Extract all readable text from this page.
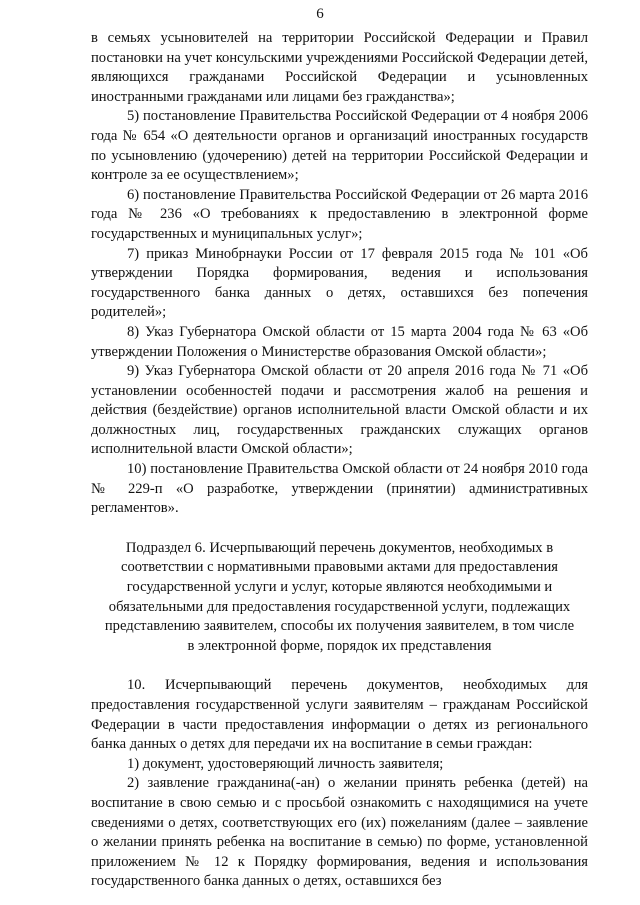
6

в семьях усыновителей на территории Российской Федерации и Правил постановки на учет консульскими учреждениями Российской Федерации детей, являющихся гражданами Российской Федерации и усыновленных иностранными гражданами или лицами без гражданства»;

5) постановление Правительства Российской Федерации от 4 ноября 2006 года № 654 «О деятельности органов и организаций иностранных государств по усыновлению (удочерению) детей на территории Российской Федерации и контроле за ее осуществлением»;

6) постановление Правительства Российской Федерации от 26 марта 2016 года № 236 «О требованиях к предоставлению в электронной форме государственных и муниципальных услуг»;

7) приказ Минобрнауки России от 17 февраля 2015 года № 101 «Об утверждении Порядка формирования, ведения и использования государственного банка данных о детях, оставшихся без попечения родителей»;

8) Указ Губернатора Омской области от 15 марта 2004 года № 63 «Об утверждении Положения о Министерстве образования Омской области»;

9) Указ Губернатора Омской области от 20 апреля 2016 года № 71 «Об установлении особенностей подачи и рассмотрения жалоб на решения и действия (бездействие) органов исполнительной власти Омской области и их должностных лиц, государственных гражданских служащих органов исполнительной власти Омской области»;

10) постановление Правительства Омской области от 24 ноября 2010 года № 229-п «О разработке, утверждении (принятии) административных регламентов».

Подраздел 6. Исчерпывающий перечень документов, необходимых в соответствии с нормативными правовыми актами для предоставления государственной услуги и услуг, которые являются необходимыми и обязательными для предоставления государственной услуги, подлежащих представлению заявителем, способы их получения заявителем, в том числе в электронной форме, порядок их представления

10. Исчерпывающий перечень документов, необходимых для предоставления государственной услуги заявителям – гражданам Российской Федерации в части предоставления информации о детях из регионального банка данных о детях для передачи их на воспитание в семьи граждан:

1) документ, удостоверяющий личность заявителя;

2) заявление гражданина(-ан) о желании принять ребенка (детей) на воспитание в свою семью и с просьбой ознакомить с находящимися на учете сведениями о детях, соответствующих его (их) пожеланиям (далее – заявление о желании принять ребенка на воспитание в семью) по форме, установленной приложением № 12 к Порядку формирования, ведения и использования государственного банка данных о детях, оставшихся без
